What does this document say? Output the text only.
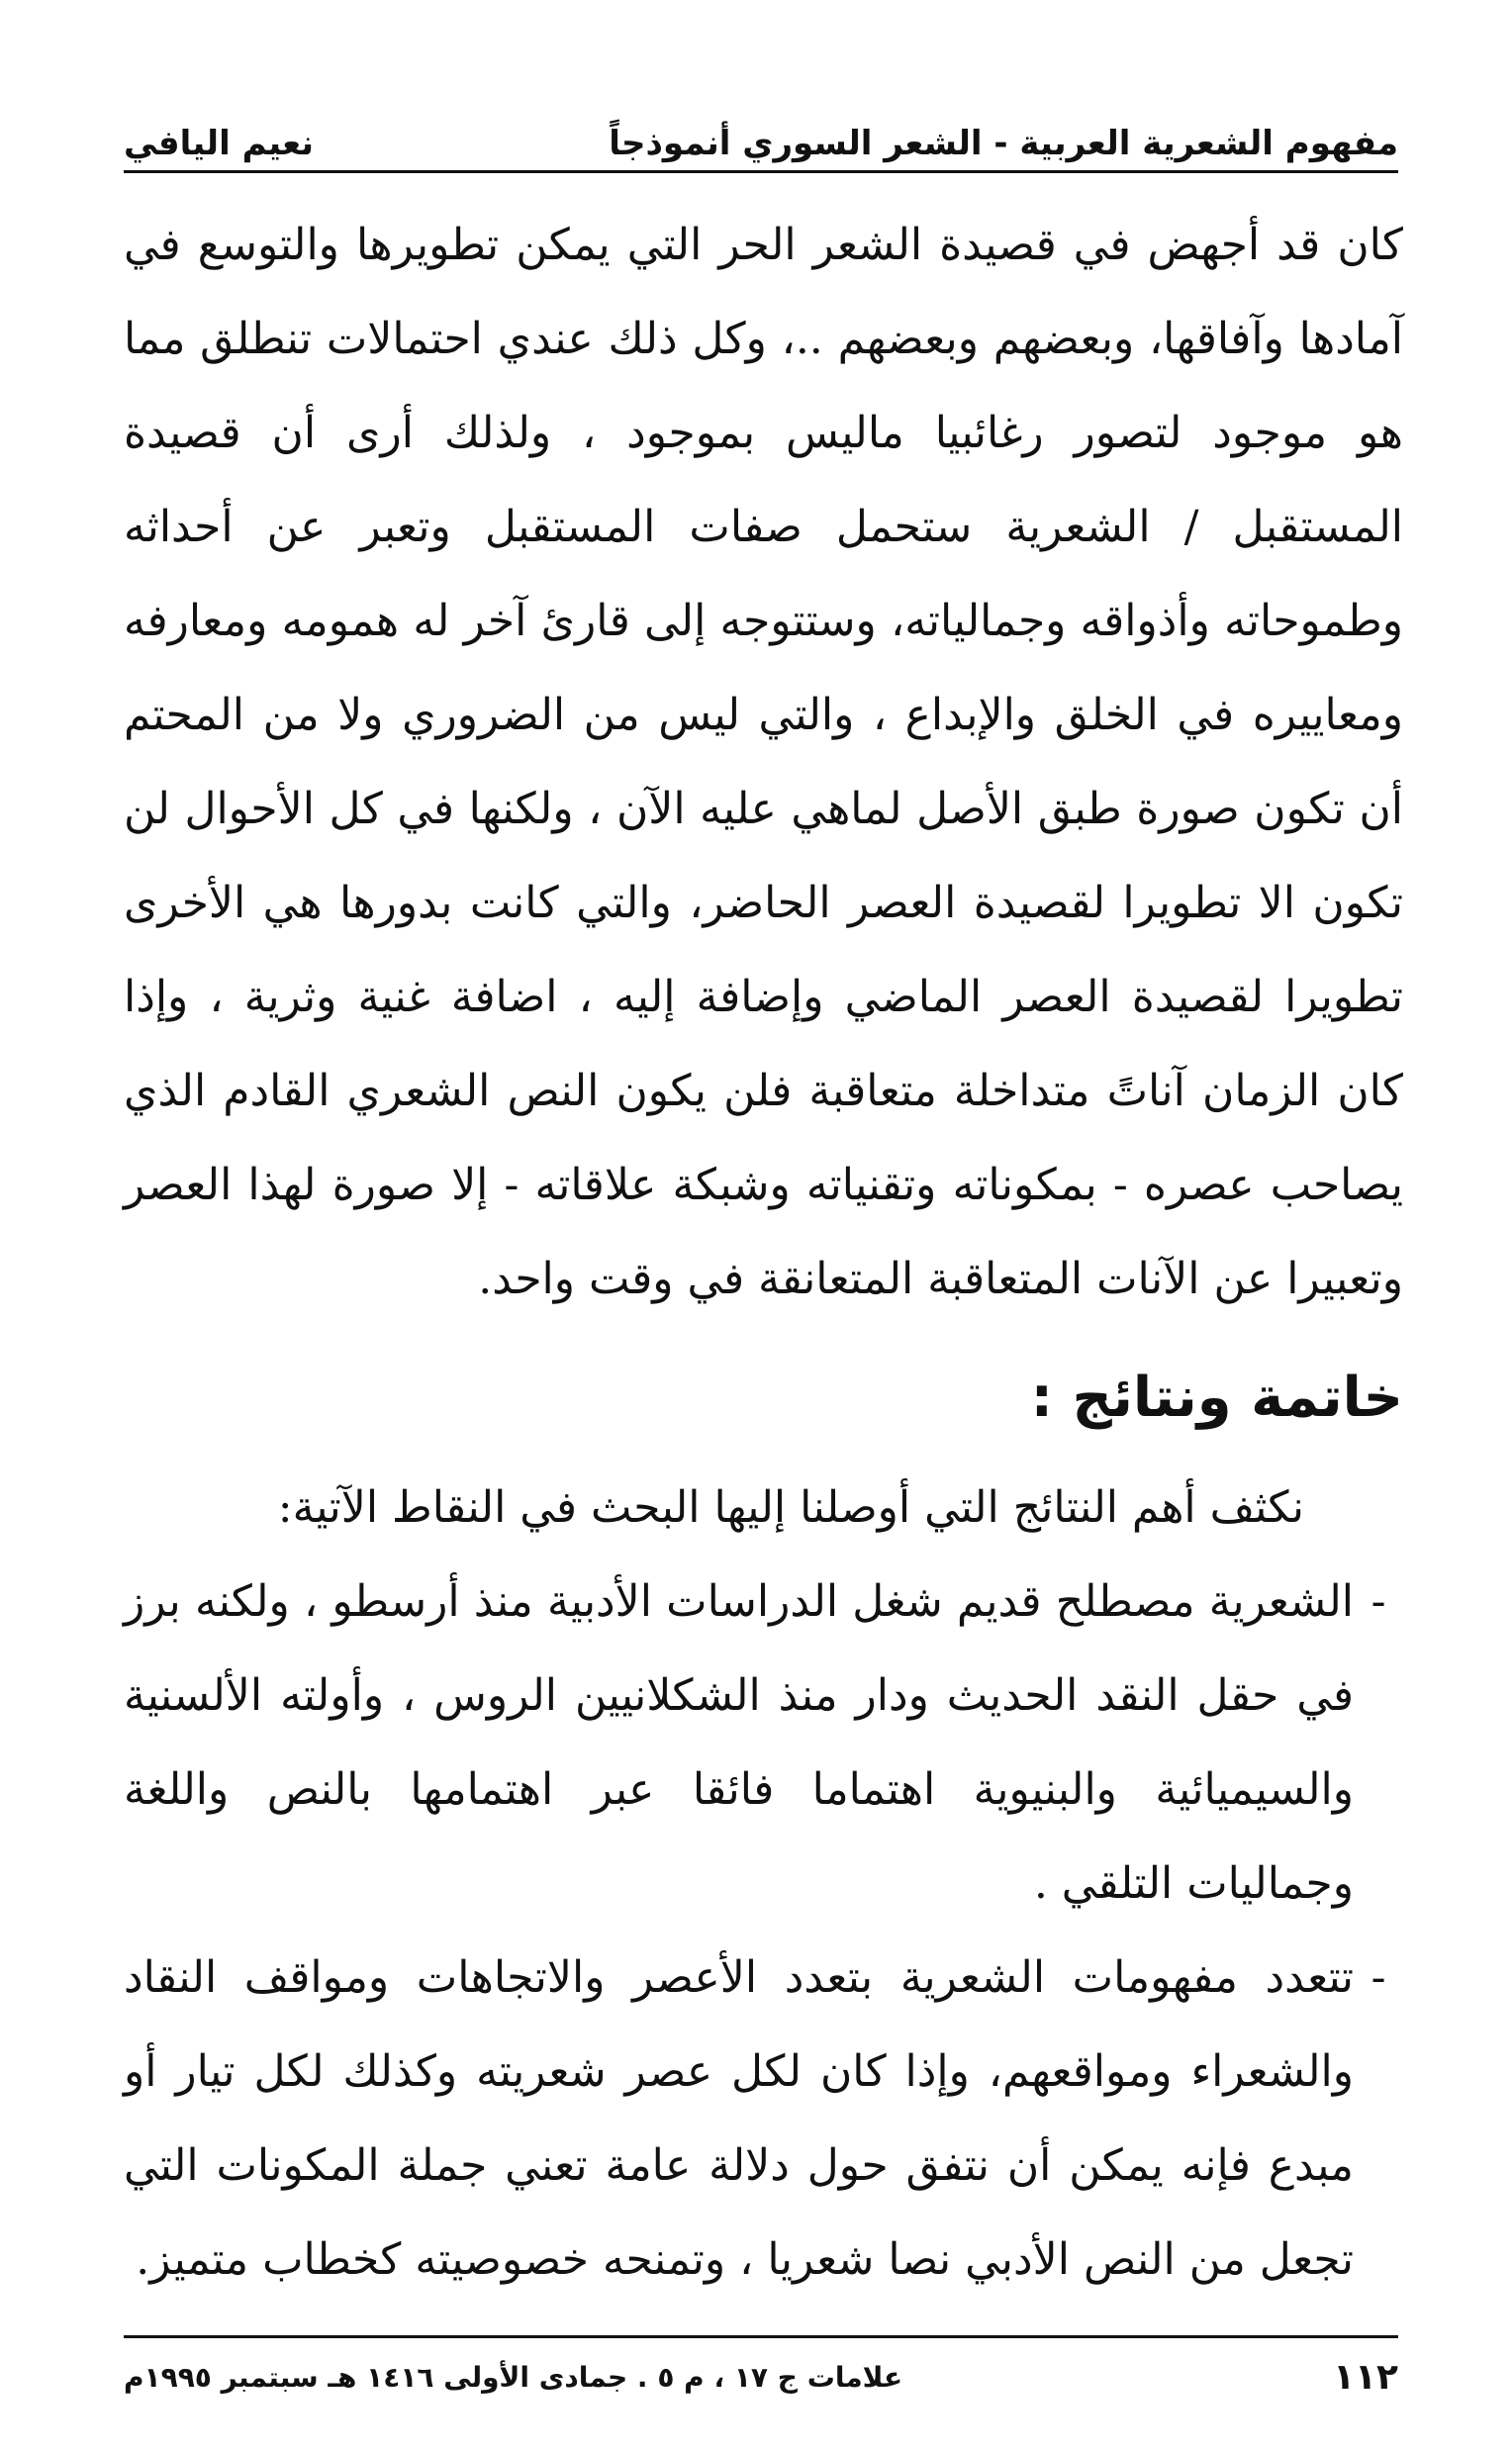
مفهوم الشعرية العربية - الشعر السوري أنموذجاً
نعيم اليافي

كان قد أجهض في قصيدة الشعر الحر التي يمكن تطويرها والتوسع في آمادها وآفاقها، وبعضهم وبعضهم ..، وكل ذلك عندي احتمالات تنطلق مما هو موجود لتصور رغائبيا ماليس بموجود ، ولذلك أرى أن قصيدة المستقبل / الشعرية ستحمل صفات المستقبل وتعبر عن أحداثه وطموحاته وأذواقه وجمالياته، وستتوجه إلى قارئ آخر له همومه ومعارفه ومعاييره في الخلق والإبداع ، والتي ليس من الضروري ولا من المحتم أن تكون صورة طبق الأصل لماهي عليه الآن ، ولكنها في كل الأحوال لن تكون الا تطويرا لقصيدة العصر الحاضر، والتي كانت بدورها هي الأخرى تطويرا لقصيدة العصر الماضي وإضافة إليه ، اضافة غنية وثرية ، وإذا كان الزمان آناتً متداخلة متعاقبة فلن يكون النص الشعري القادم الذي يصاحب عصره - بمكوناته وتقنياته وشبكة علاقاته - إلا صورة لهذا العصر وتعبيرا عن الآنات المتعاقبة المتعانقة في وقت واحد.

خاتمة ونتائج :

نكثف أهم النتائج التي أوصلنا إليها البحث في النقاط الآتية:

-
الشعرية مصطلح قديم شغل الدراسات الأدبية منذ أرسطو ، ولكنه برز في حقل النقد الحديث ودار منذ الشكلانيين الروس ، وأولته الألسنية والسيميائية والبنيوية اهتماما فائقا عبر اهتمامها بالنص واللغة وجماليات التلقي .
-
تتعدد مفهومات الشعرية بتعدد الأعصر والاتجاهات ومواقف النقاد والشعراء ومواقعهم، وإذا كان لكل عصر شعريته وكذلك لكل تيار أو مبدع فإنه يمكن أن نتفق حول دلالة عامة تعني جملة المكونات التي تجعل من النص الأدبي نصا شعريا ، وتمنحه خصوصيته كخطاب متميز.
١١٢
علامات ج ١٧ ، م ٥ . جمادى الأولى ١٤١٦ هـ سبتمبر ١٩٩٥م
